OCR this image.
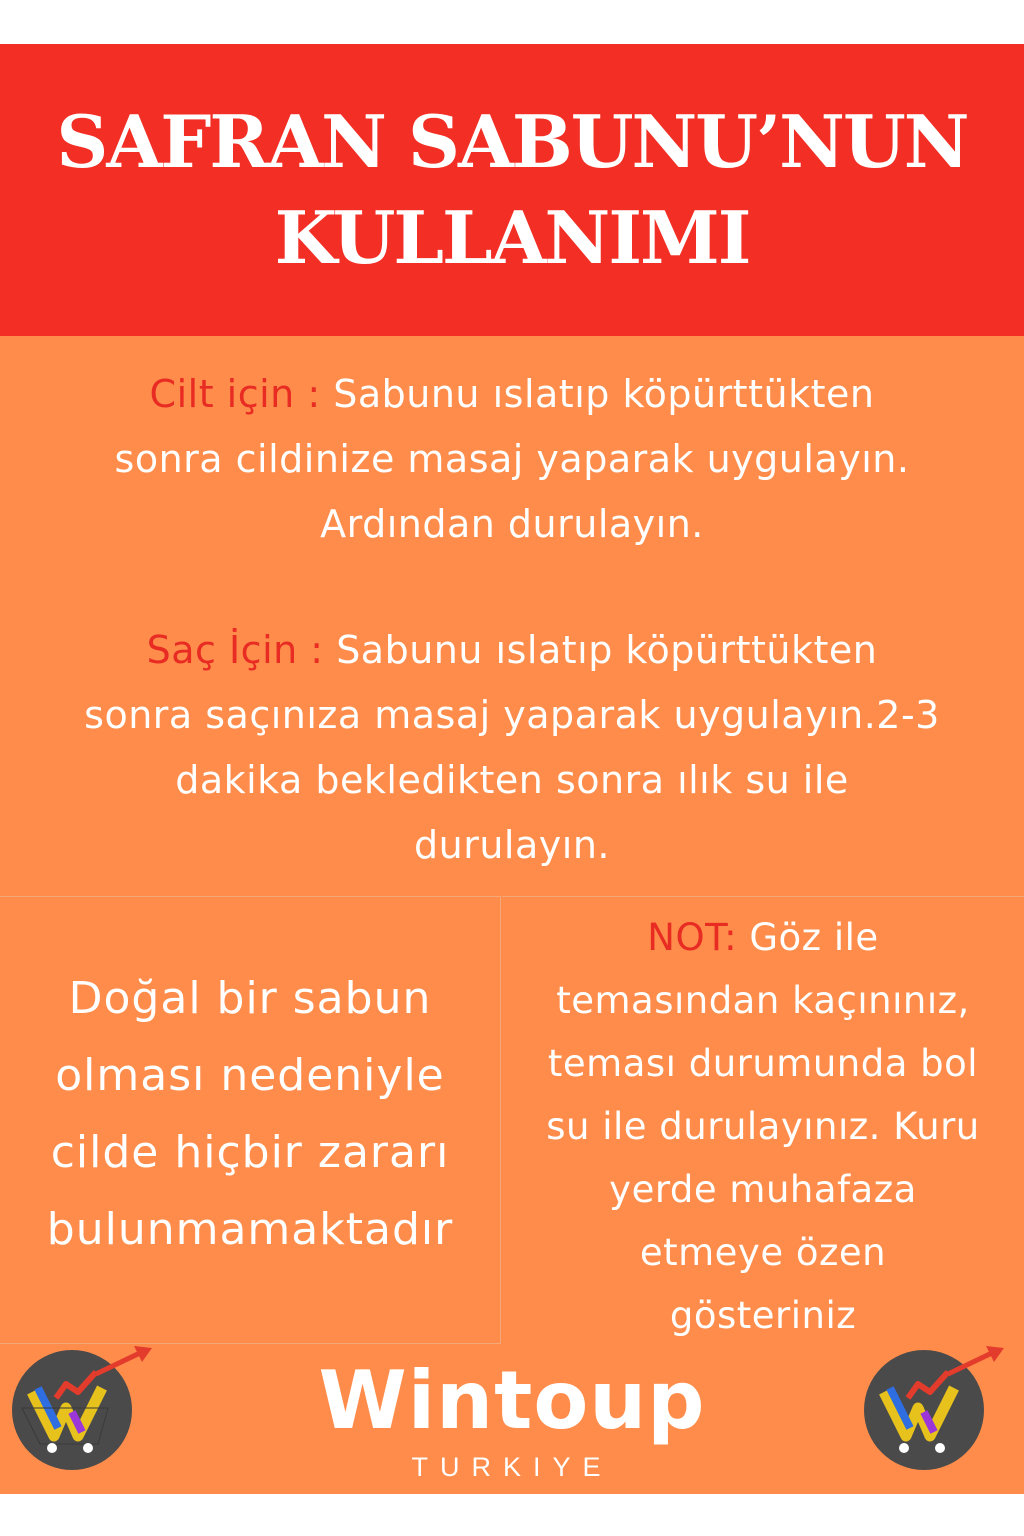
SAFRAN SABUNU’NUN
KULLANIMI
Cilt için : Sabunu ıslatıp köpürttükten
sonra cildinize masaj yaparak uygulayın.
Ardından durulayın.
Saç İçin : Sabunu ıslatıp köpürttükten
sonra saçınıza masaj yaparak uygulayın.2-3
dakika bekledikten sonra ılık su ile
durulayın.
Doğal bir sabun
olması nedeniyle
cilde hiçbir zararı
bulunmamaktadır
NOT: Göz ile
temasından kaçınınız,
teması durumunda bol
su ile durulayınız. Kuru
yerde muhafaza
etmeye özen
gösteriniz
Wintoup
TURKIYE
